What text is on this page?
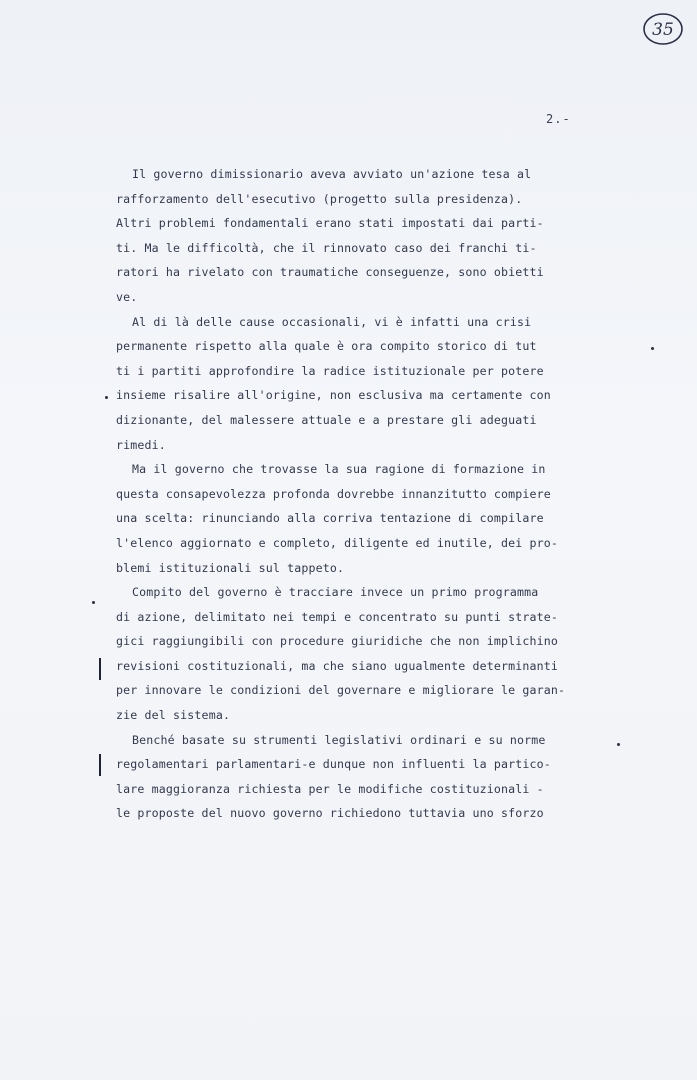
35
2.-
Il governo dimissionario aveva avviato un'azione tesa al
rafforzamento dell'esecutivo (progetto sulla presidenza).
Altri problemi fondamentali erano stati impostati dai parti-
ti. Ma le difficoltà, che il rinnovato caso dei franchi ti-
ratori ha rivelato con traumatiche conseguenze, sono obietti
ve.
Al di là delle cause occasionali, vi è infatti una crisi
permanente rispetto alla quale è ora compito storico di tut
ti i partiti approfondire la radice istituzionale per potere
insieme risalire all'origine, non esclusiva ma certamente con
dizionante, del malessere attuale e a prestare gli adeguati
rimedi.
Ma il governo che trovasse la sua ragione di formazione in
questa consapevolezza profonda dovrebbe innanzitutto compiere
una scelta: rinunciando alla corriva tentazione di compilare
l'elenco aggiornato e completo, diligente ed inutile, dei pro-
blemi istituzionali sul tappeto.
Compito del governo è tracciare invece un primo programma
di azione, delimitato nei tempi e concentrato su punti strate-
gici raggiungibili con procedure giuridiche che non implichino
revisioni costituzionali, ma che siano ugualmente determinanti
per innovare le condizioni del governare e migliorare le garan-
zie del sistema.
Benché basate su strumenti legislativi ordinari e su norme
regolamentari parlamentari-e dunque non influenti la partico-
lare maggioranza richiesta per le modifiche costituzionali -
le proposte del nuovo governo richiedono tuttavia uno sforzo
